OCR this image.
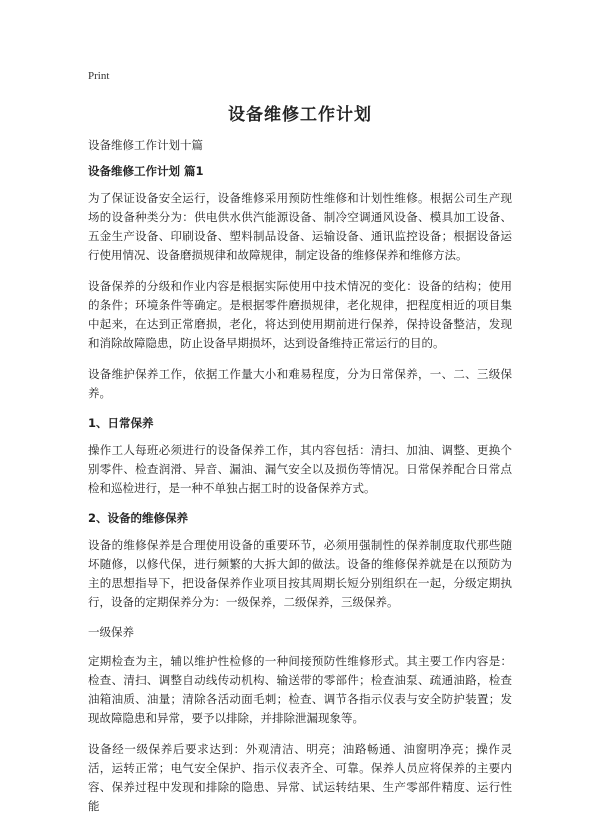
Print
设备维修工作计划
设备维修工作计划十篇
设备维修工作计划 篇1
为了保证设备安全运行，设备维修采用预防性维修和计划性维修。根据公司生产现场的设备种类分为：供电供水供汽能源设备、制冷空调通风设备、模具加工设备、五金生产设备、印刷设备、塑料制品设备、运输设备、通讯监控设备；根据设备运行使用情况、设备磨损规律和故障规律，制定设备的维修保养和维修方法。
设备保养的分级和作业内容是根据实际使用中技术情况的变化：设备的结构；使用的条件；环境条件等确定。是根据零件磨损规律，老化规律，把程度相近的项目集中起来，在达到正常磨损，老化，将达到使用期前进行保养，保持设备整洁，发现和消除故障隐患，防止设备早期损坏，达到设备维持正常运行的目的。
设备维护保养工作，依据工作量大小和难易程度，分为日常保养，一、二、三级保养。
1、日常保养
操作工人每班必须进行的设备保养工作，其内容包括：清扫、加油、调整、更换个别零件、检查润滑、异音、漏油、漏气安全以及损伤等情况。日常保养配合日常点检和巡检进行，是一种不单独占据工时的设备保养方式。
2、设备的维修保养
设备的维修保养是合理使用设备的重要环节，必须用强制性的保养制度取代那些随坏随修，以修代保，进行频繁的大拆大卸的做法。设备的维修保养就是在以预防为主的思想指导下，把设备保养作业项目按其周期长短分别组织在一起，分级定期执行，设备的定期保养分为：一级保养，二级保养，三级保养。
一级保养
定期检查为主，辅以维护性检修的一种间接预防性维修形式。其主要工作内容是：检查、清扫、调整自动线传动机构、输送带的零部件；检查油泵、疏通油路，检查油箱油质、油量；清除各活动面毛刺；检查、调节各指示仪表与安全防护装置；发现故障隐患和异常，要予以排除，并排除泄漏现象等。
设备经一级保养后要求达到：外观清洁、明亮；油路畅通、油窗明净亮；操作灵活，运转正常；电气安全保护、指示仪表齐全、可靠。保养人员应将保养的主要内容、保养过程中发现和排除的隐患、异常、试运转结果、生产零部件精度、运行性能
